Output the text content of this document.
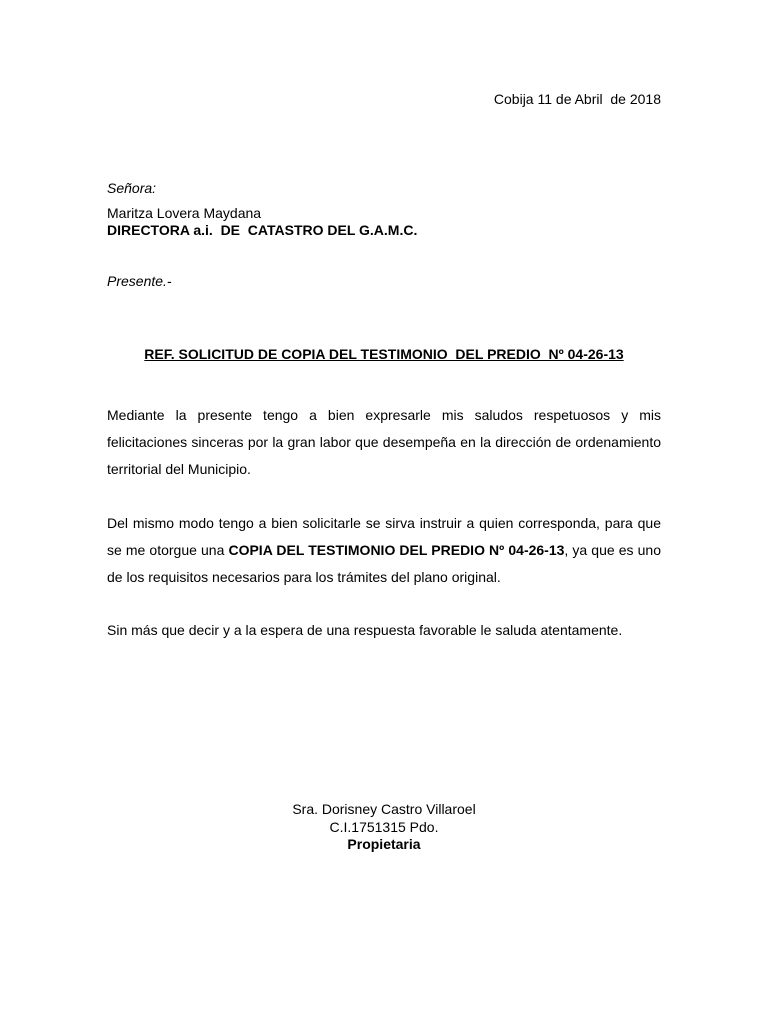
Cobija 11 de Abril  de 2018
Señora:
Maritza Lovera Maydana
DIRECTORA a.i.  DE  CATASTRO DEL G.A.M.C.
Presente.-
REF. SOLICITUD DE COPIA DEL TESTIMONIO  DEL PREDIO  Nº 04-26-13
Mediante la presente tengo a bien expresarle mis saludos respetuosos y mis felicitaciones sinceras por la gran labor que desempeña en la dirección de ordenamiento territorial del Municipio.
Del mismo modo tengo a bien solicitarle se sirva instruir a quien corresponda, para que se me otorgue una COPIA DEL TESTIMONIO DEL PREDIO Nº 04-26-13, ya que es uno de los requisitos necesarios para los trámites del plano original.
Sin más que decir y a la espera de una respuesta favorable le saluda atentamente.
Sra. Dorisney Castro Villaroel
C.I.1751315 Pdo.
Propietaria
